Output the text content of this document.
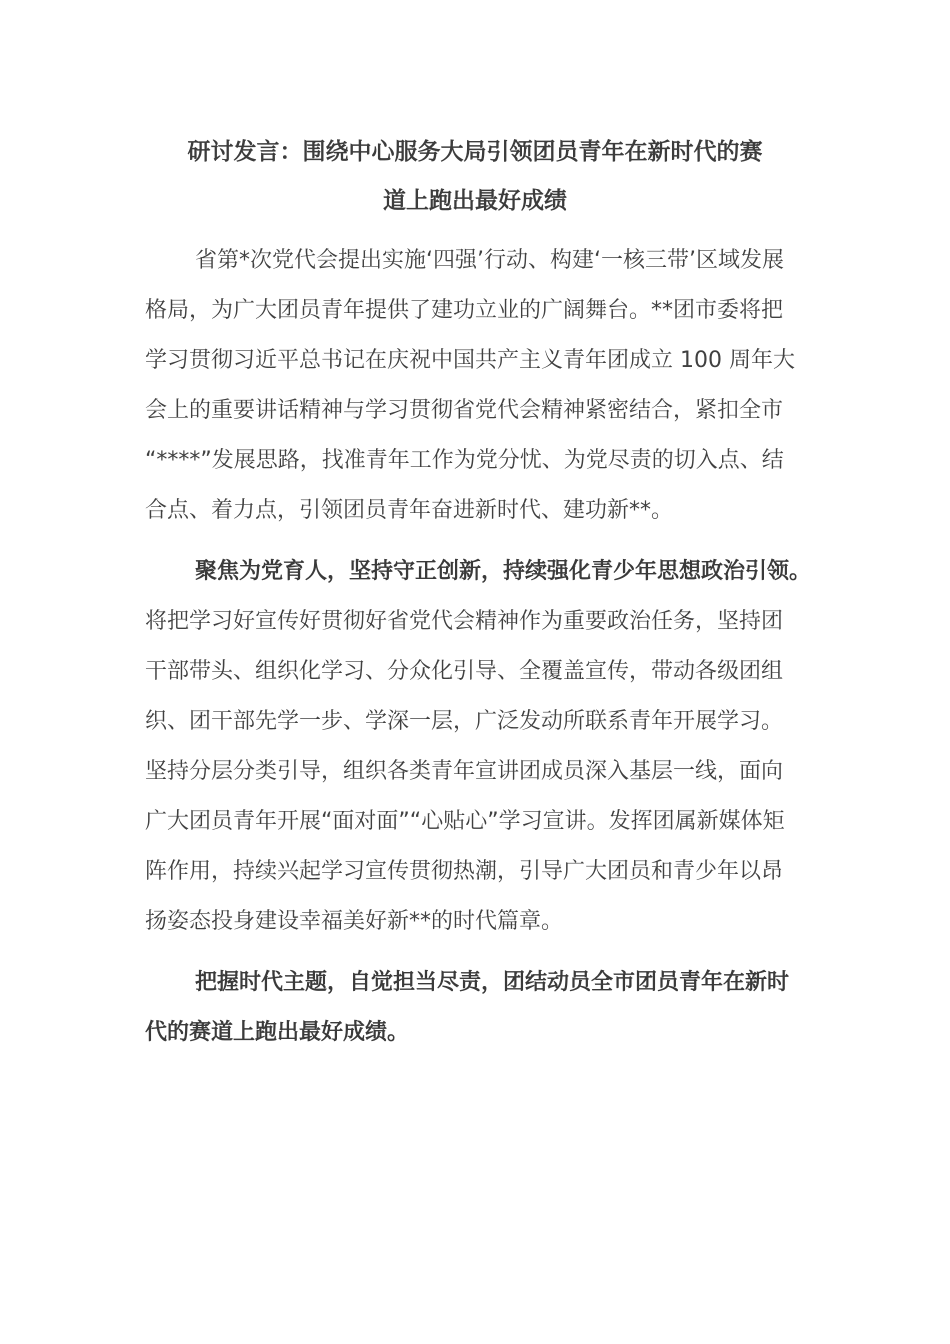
研讨发言：围绕中心服务大局引领团员青年在新时代的赛
道上跑出最好成绩
省第*次党代会提出实施‘四强’行动、构建‘一核三带’区域发展
格局，为广大团员青年提供了建功立业的广阔舞台。**团市委将把
学习贯彻习近平总书记在庆祝中国共产主义青年团成立 100 周年大
会上的重要讲话精神与学习贯彻省党代会精神紧密结合，紧扣全市
“****”发展思路，找准青年工作为党分忧、为党尽责的切入点、结
合点、着力点，引领团员青年奋进新时代、建功新**。
聚焦为党育人，坚持守正创新，持续强化青少年思想政治引领。
将把学习好宣传好贯彻好省党代会精神作为重要政治任务，坚持团
干部带头、组织化学习、分众化引导、全覆盖宣传，带动各级团组
织、团干部先学一步、学深一层，广泛发动所联系青年开展学习。
坚持分层分类引导，组织各类青年宣讲团成员深入基层一线，面向
广大团员青年开展“面对面”“心贴心”学习宣讲。发挥团属新媒体矩
阵作用，持续兴起学习宣传贯彻热潮，引导广大团员和青少年以昂
扬姿态投身建设幸福美好新**的时代篇章。
把握时代主题，自觉担当尽责，团结动员全市团员青年在新时
代的赛道上跑出最好成绩。
